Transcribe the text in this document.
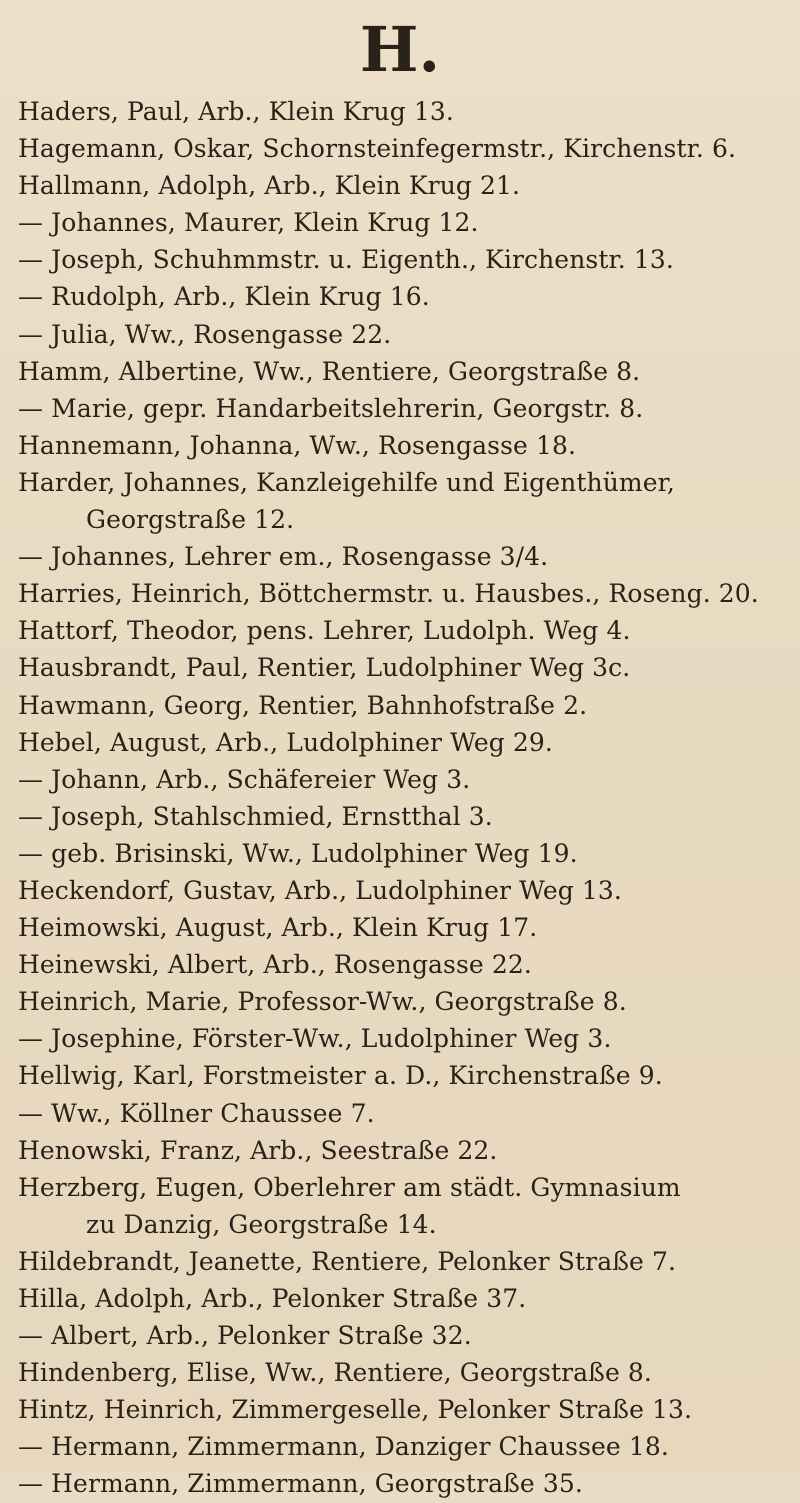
H.
Haders, Paul, Arb., Klein Krug 13.
Hagemann, Oskar, Schornsteinfegermstr., Kirchenstr. 6.
Hallmann, Adolph, Arb., Klein Krug 21.
— Johannes, Maurer, Klein Krug 12.
— Joseph, Schuhmmstr. u. Eigenth., Kirchenstr. 13.
— Rudolph, Arb., Klein Krug 16.
— Julia, Ww., Rosengasse 22.
Hamm, Albertine, Ww., Rentiere, Georgstraße 8.
— Marie, gepr. Handarbeitslehrerin, Georgstr. 8.
Hannemann, Johanna, Ww., Rosengasse 18.
Harder, Johannes, Kanzleigehilfe und Eigenthümer,
Georgstraße 12.
— Johannes, Lehrer em., Rosengasse 3/4.
Harries, Heinrich, Böttchermstr. u. Hausbes., Roseng. 20.
Hattorf, Theodor, pens. Lehrer, Ludolph. Weg 4.
Hausbrandt, Paul, Rentier, Ludolphiner Weg 3c.
Hawmann, Georg, Rentier, Bahnhofstraße 2.
Hebel, August, Arb., Ludolphiner Weg 29.
— Johann, Arb., Schäfereier Weg 3.
— Joseph, Stahlschmied, Ernstthal 3.
— geb. Brisinski, Ww., Ludolphiner Weg 19.
Heckendorf, Gustav, Arb., Ludolphiner Weg 13.
Heimowski, August, Arb., Klein Krug 17.
Heinewski, Albert, Arb., Rosengasse 22.
Heinrich, Marie, Professor-Ww., Georgstraße 8.
— Josephine, Förster-Ww., Ludolphiner Weg 3.
Hellwig, Karl, Forstmeister a. D., Kirchenstraße 9.
— Ww., Köllner Chaussee 7.
Henowski, Franz, Arb., Seestraße 22.
Herzberg, Eugen, Oberlehrer am städt. Gymnasium
zu Danzig, Georgstraße 14.
Hildebrandt, Jeanette, Rentiere, Pelonker Straße 7.
Hilla, Adolph, Arb., Pelonker Straße 37.
— Albert, Arb., Pelonker Straße 32.
Hindenberg, Elise, Ww., Rentiere, Georgstraße 8.
Hintz, Heinrich, Zimmergeselle, Pelonker Straße 13.
— Hermann, Zimmermann, Danziger Chaussee 18.
— Hermann, Zimmermann, Georgstraße 35.
